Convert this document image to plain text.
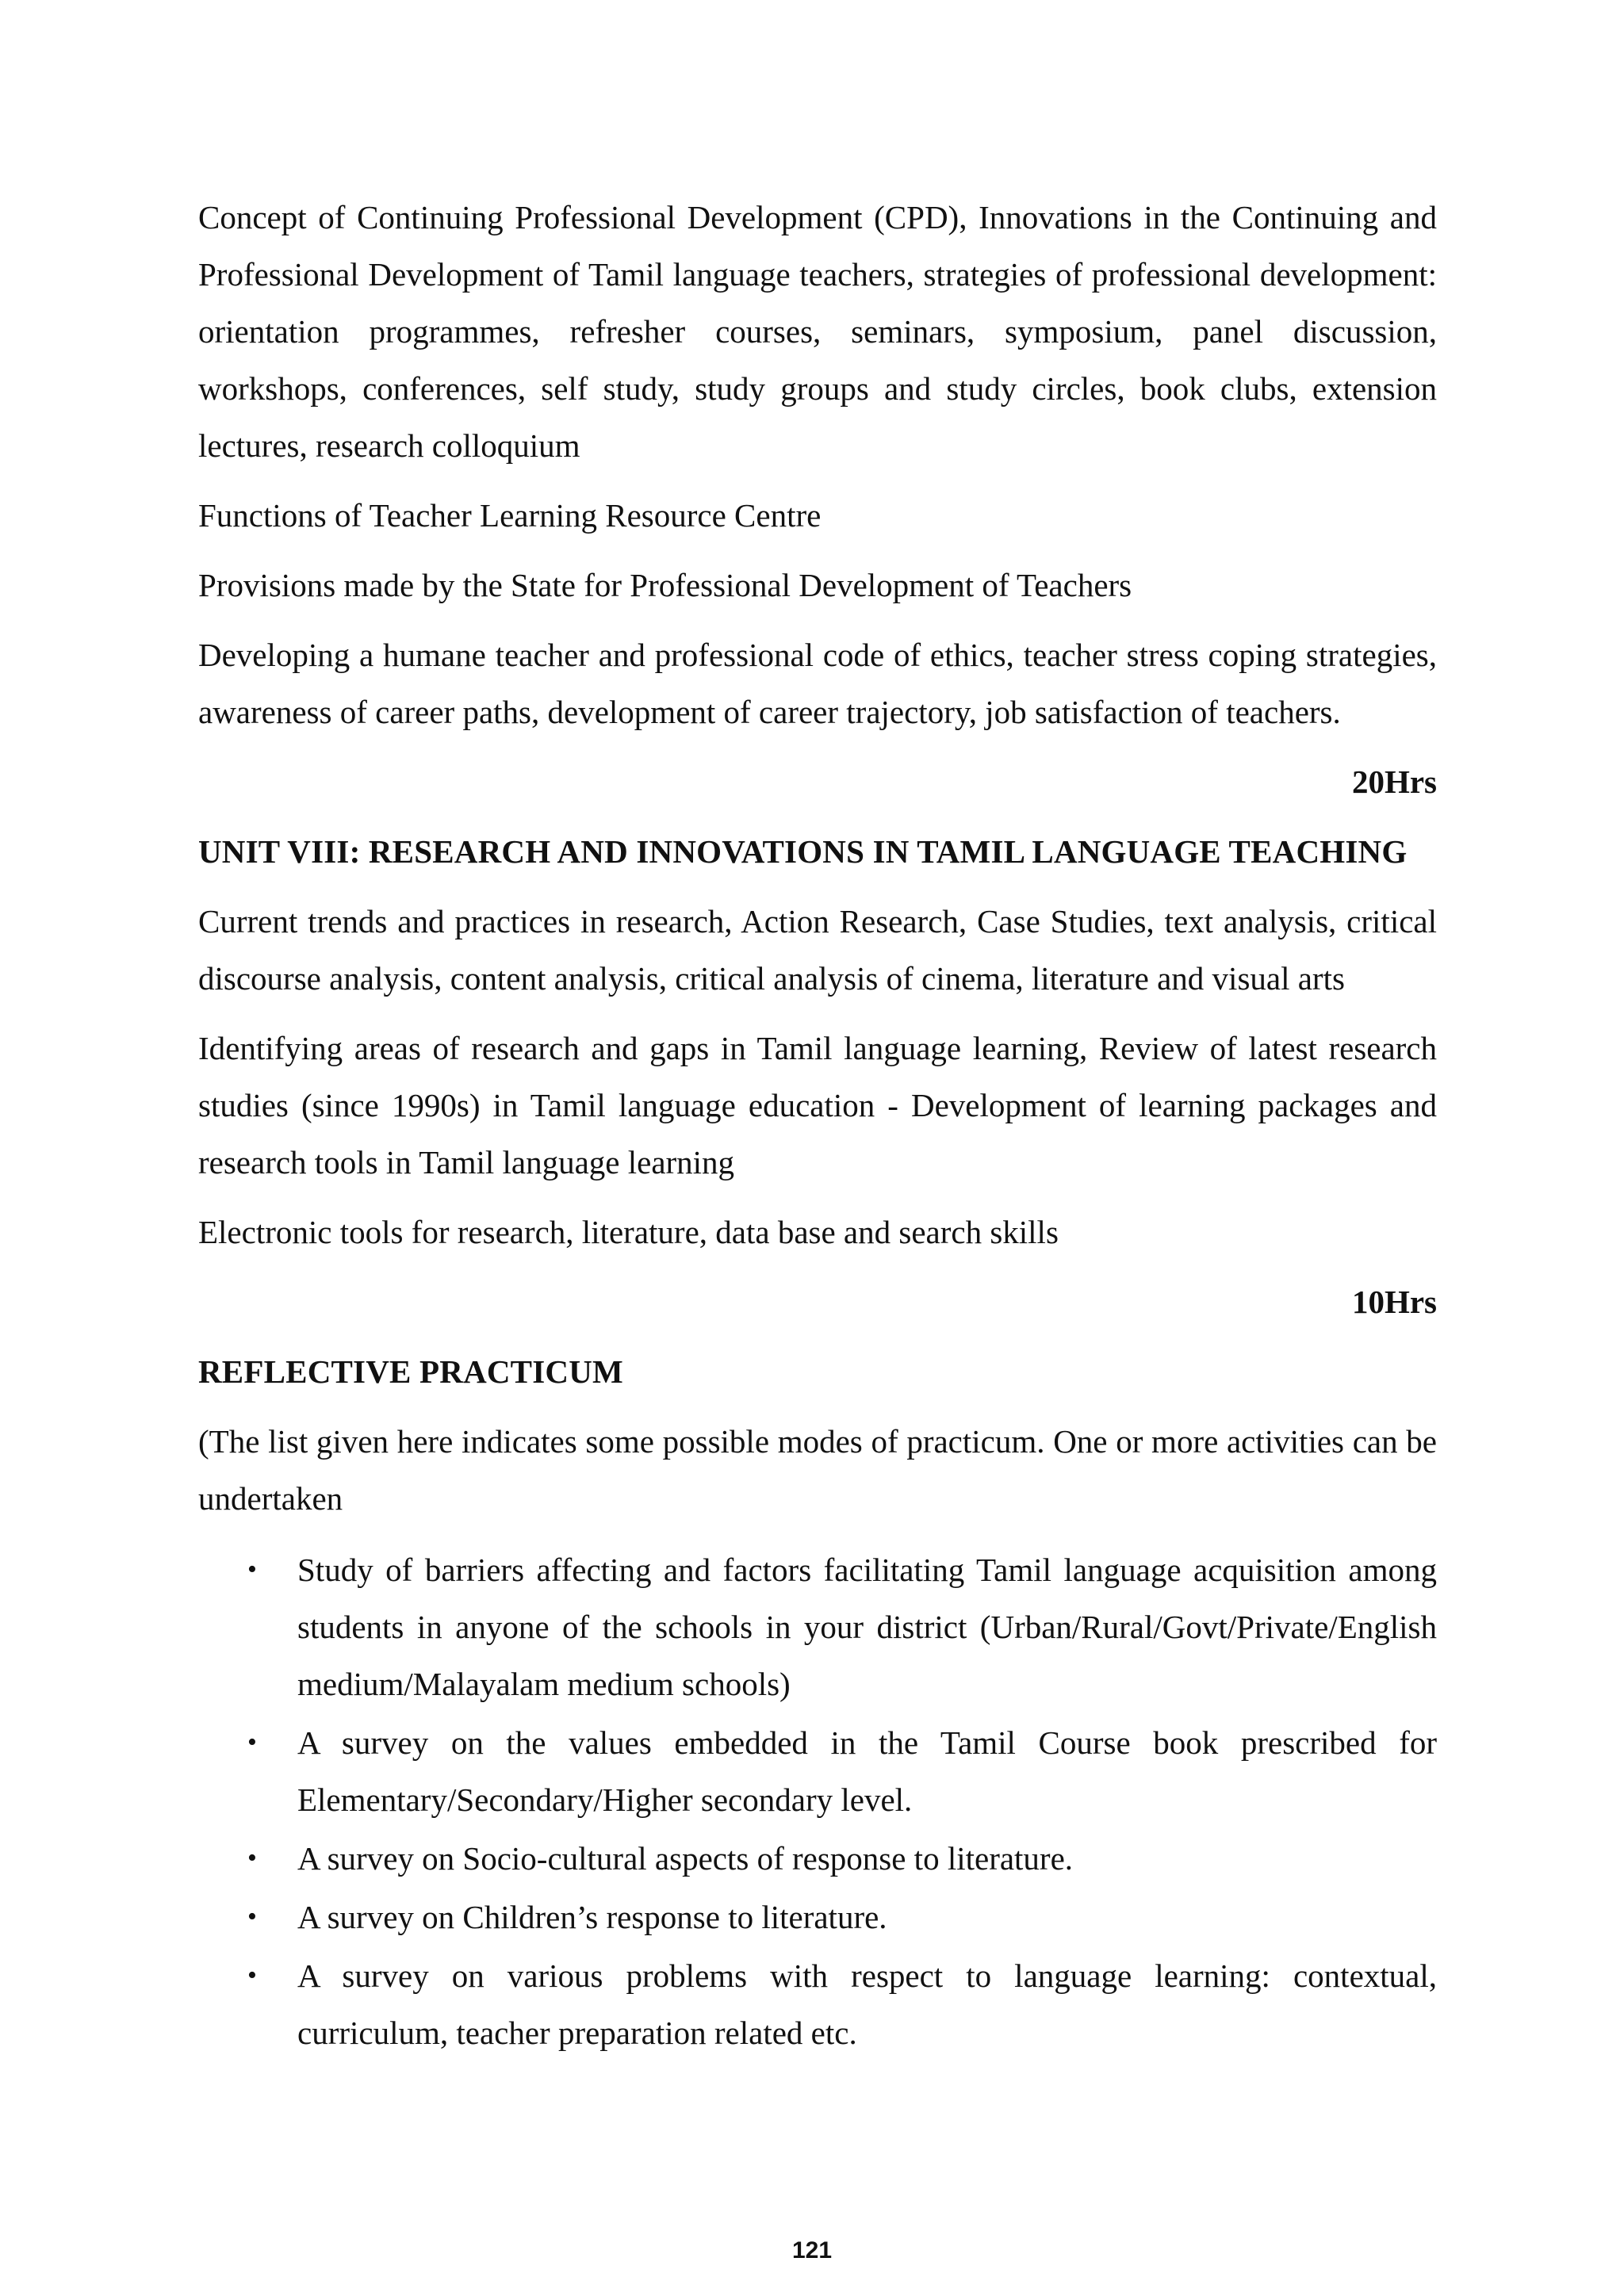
Concept of Continuing Professional Development (CPD), Innovations in the Continuing and Professional Development of Tamil language teachers, strategies of professional development: orientation programmes, refresher courses, seminars, symposium, panel discussion, workshops, conferences, self study, study groups and study circles, book clubs, extension lectures, research colloquium

Functions of Teacher Learning Resource Centre

Provisions made by the State for Professional Development of Teachers

Developing a humane teacher and professional code of ethics, teacher stress coping strategies, awareness of career paths, development of career trajectory, job satisfaction of teachers.

20Hrs
UNIT VIII: RESEARCH AND INNOVATIONS IN TAMIL LANGUAGE TEACHING

Current trends and practices in research, Action Research, Case Studies, text analysis, critical discourse analysis, content analysis, critical analysis of cinema, literature and visual arts

Identifying areas of research and gaps in Tamil language learning, Review of latest research studies (since 1990s) in Tamil language education - Development of learning packages and research tools in Tamil language learning

Electronic tools for research, literature, data base and search skills

10Hrs
REFLECTIVE PRACTICUM

(The list given here indicates some possible modes of practicum. One or more activities can be undertaken

• Study of barriers affecting and factors facilitating Tamil language acquisition among students in anyone of the schools in your district (Urban/Rural/Govt/Private/English medium/Malayalam medium schools)
• A survey on the values embedded in the Tamil Course book prescribed for Elementary/Secondary/Higher secondary level.
• A survey on Socio-cultural aspects of response to literature.
• A survey on Children’s response to literature.
• A survey on various problems with respect to language learning: contextual, curriculum, teacher preparation related etc.
121
